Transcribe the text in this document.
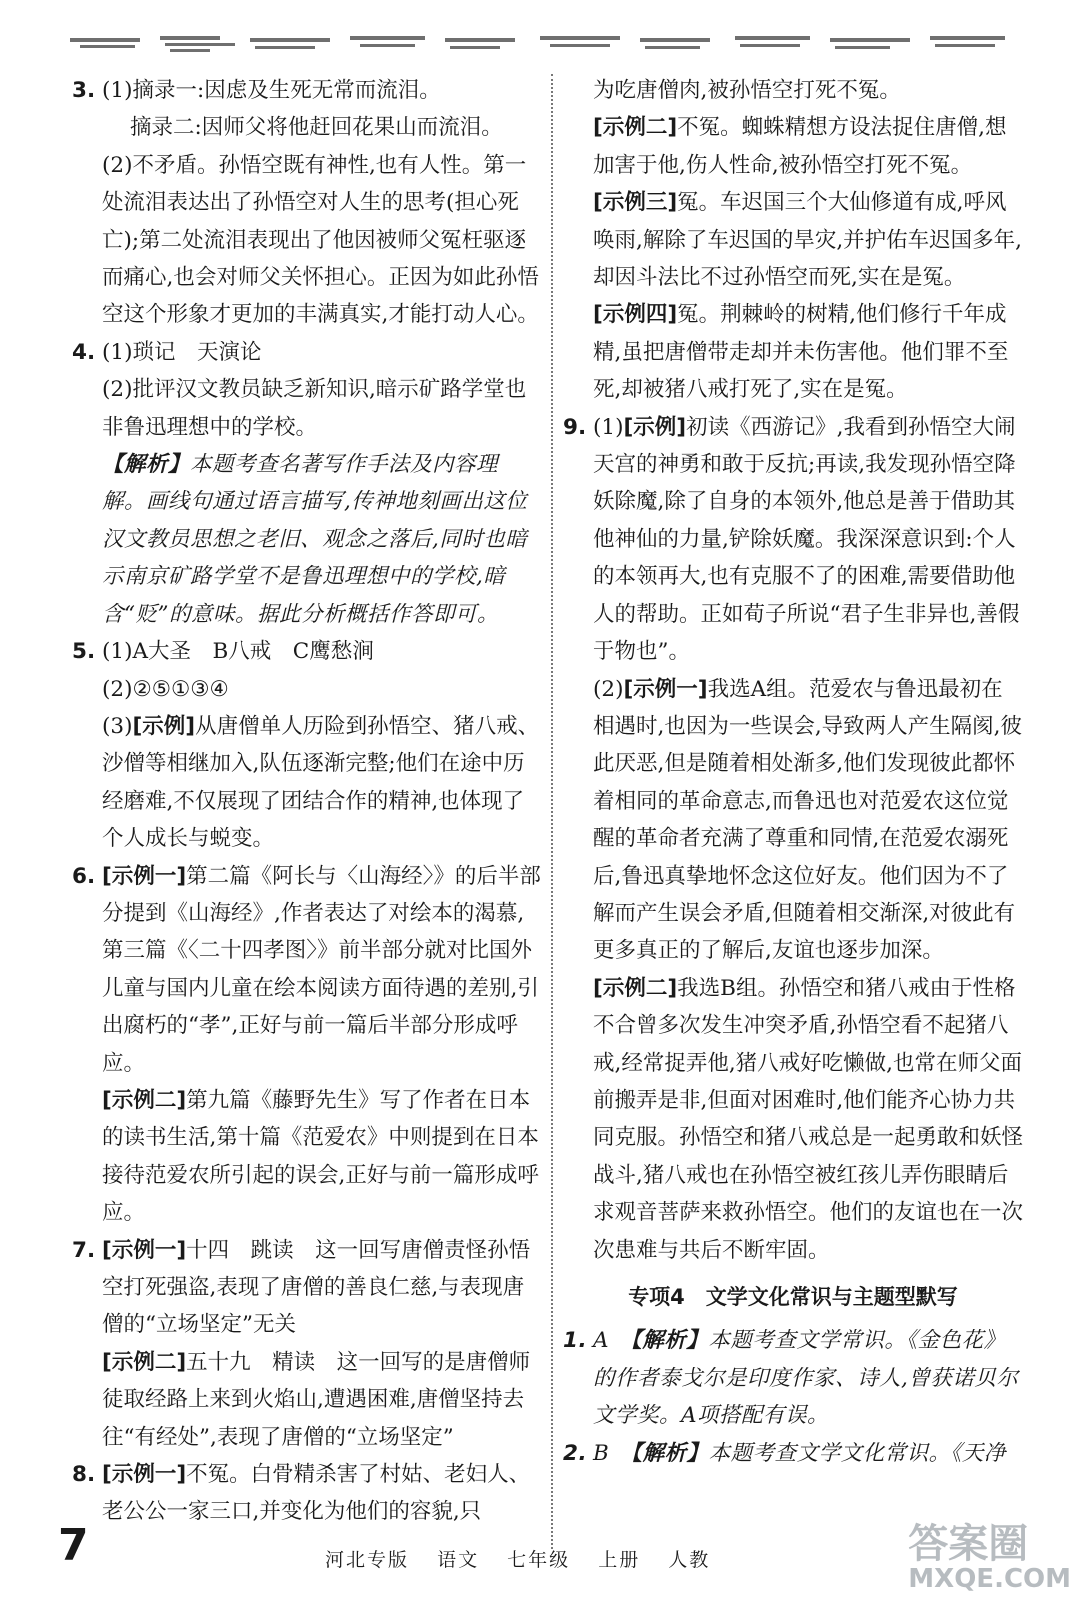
3. (1)摘录一:因虑及生死无常而流泪。

摘录二:因师父将他赶回花果山而流泪。

(2)不矛盾。孙悟空既有神性,也有人性。第一处流泪表达出了孙悟空对人生的思考(担心死亡);第二处流泪表现出了他因被师父冤枉驱逐而痛心,也会对师父关怀担心。正因为如此孙悟空这个形象才更加的丰满真实,才能打动人心。

4. (1)琐记　天演论

(2)批评汉文教员缺乏新知识,暗示矿路学堂也非鲁迅理想中的学校。

【解析】本题考查名著写作手法及内容理解。画线句通过语言描写,传神地刻画出这位汉文教员思想之老旧、观念之落后,同时也暗示南京矿路学堂不是鲁迅理想中的学校,暗含“贬”的意味。据此分析概括作答即可。

5. (1)A大圣　B八戒　C鹰愁涧

(2)②⑤①③④

(3)[示例]从唐僧单人历险到孙悟空、猪八戒、沙僧等相继加入,队伍逐渐完整;他们在途中历经磨难,不仅展现了团结合作的精神,也体现了个人成长与蜕变。

6. [示例一]第二篇《阿长与〈山海经〉》的后半部分提到《山海经》,作者表达了对绘本的渴慕,第三篇《〈二十四孝图〉》前半部分就对比国外儿童与国内儿童在绘本阅读方面待遇的差别,引出腐朽的“孝”,正好与前一篇后半部分形成呼应。

[示例二]第九篇《藤野先生》写了作者在日本的读书生活,第十篇《范爱农》中则提到在日本接待范爱农所引起的误会,正好与前一篇形成呼应。

7. [示例一]十四　跳读　这一回写唐僧责怪孙悟空打死强盗,表现了唐僧的善良仁慈,与表现唐僧的“立场坚定”无关

[示例二]五十九　精读　这一回写的是唐僧师徒取经路上来到火焰山,遭遇困难,唐僧坚持去往“有经处”,表现了唐僧的“立场坚定”

8. [示例一]不冤。白骨精杀害了村姑、老妇人、老公公一家三口,并变化为他们的容貌,只

为吃唐僧肉,被孙悟空打死不冤。

[示例二]不冤。蜘蛛精想方设法捉住唐僧,想加害于他,伤人性命,被孙悟空打死不冤。

[示例三]冤。车迟国三个大仙修道有成,呼风唤雨,解除了车迟国的旱灾,并护佑车迟国多年,却因斗法比不过孙悟空而死,实在是冤。

[示例四]冤。荆棘岭的树精,他们修行千年成精,虽把唐僧带走却并未伤害他。他们罪不至死,却被猪八戒打死了,实在是冤。

9. (1)[示例]初读《西游记》,我看到孙悟空大闹天宫的神勇和敢于反抗;再读,我发现孙悟空降妖除魔,除了自身的本领外,他总是善于借助其他神仙的力量,铲除妖魔。我深深意识到:个人的本领再大,也有克服不了的困难,需要借助他人的帮助。正如荀子所说“君子生非异也,善假于物也”。

(2)[示例一]我选A组。范爱农与鲁迅最初在相遇时,也因为一些误会,导致两人产生隔阂,彼此厌恶,但是随着相处渐多,他们发现彼此都怀着相同的革命意志,而鲁迅也对范爱农这位觉醒的革命者充满了尊重和同情,在范爱农溺死后,鲁迅真挚地怀念这位好友。他们因为不了解而产生误会矛盾,但随着相交渐深,对彼此有更多真正的了解后,友谊也逐步加深。

[示例二]我选B组。孙悟空和猪八戒由于性格不合曾多次发生冲突矛盾,孙悟空看不起猪八戒,经常捉弄他,猪八戒好吃懒做,也常在师父面前搬弄是非,但面对困难时,他们能齐心协力共同克服。孙悟空和猪八戒总是一起勇敢和妖怪战斗,猪八戒也在孙悟空被红孩儿弄伤眼睛后求观音菩萨来救孙悟空。他们的友谊也在一次次患难与共后不断牢固。

专项4　文学文化常识与主题型默写

1. A　 【解析】本题考查文学常识。《金色花》的作者泰戈尔是印度作家、诗人,曾获诺贝尔文学奖。A项搭配有误。

2. B　 【解析】本题考查文学文化常识。《天净

7	河北专版 语文 七年级 上册 人教	答案圈
MXQE.COM
